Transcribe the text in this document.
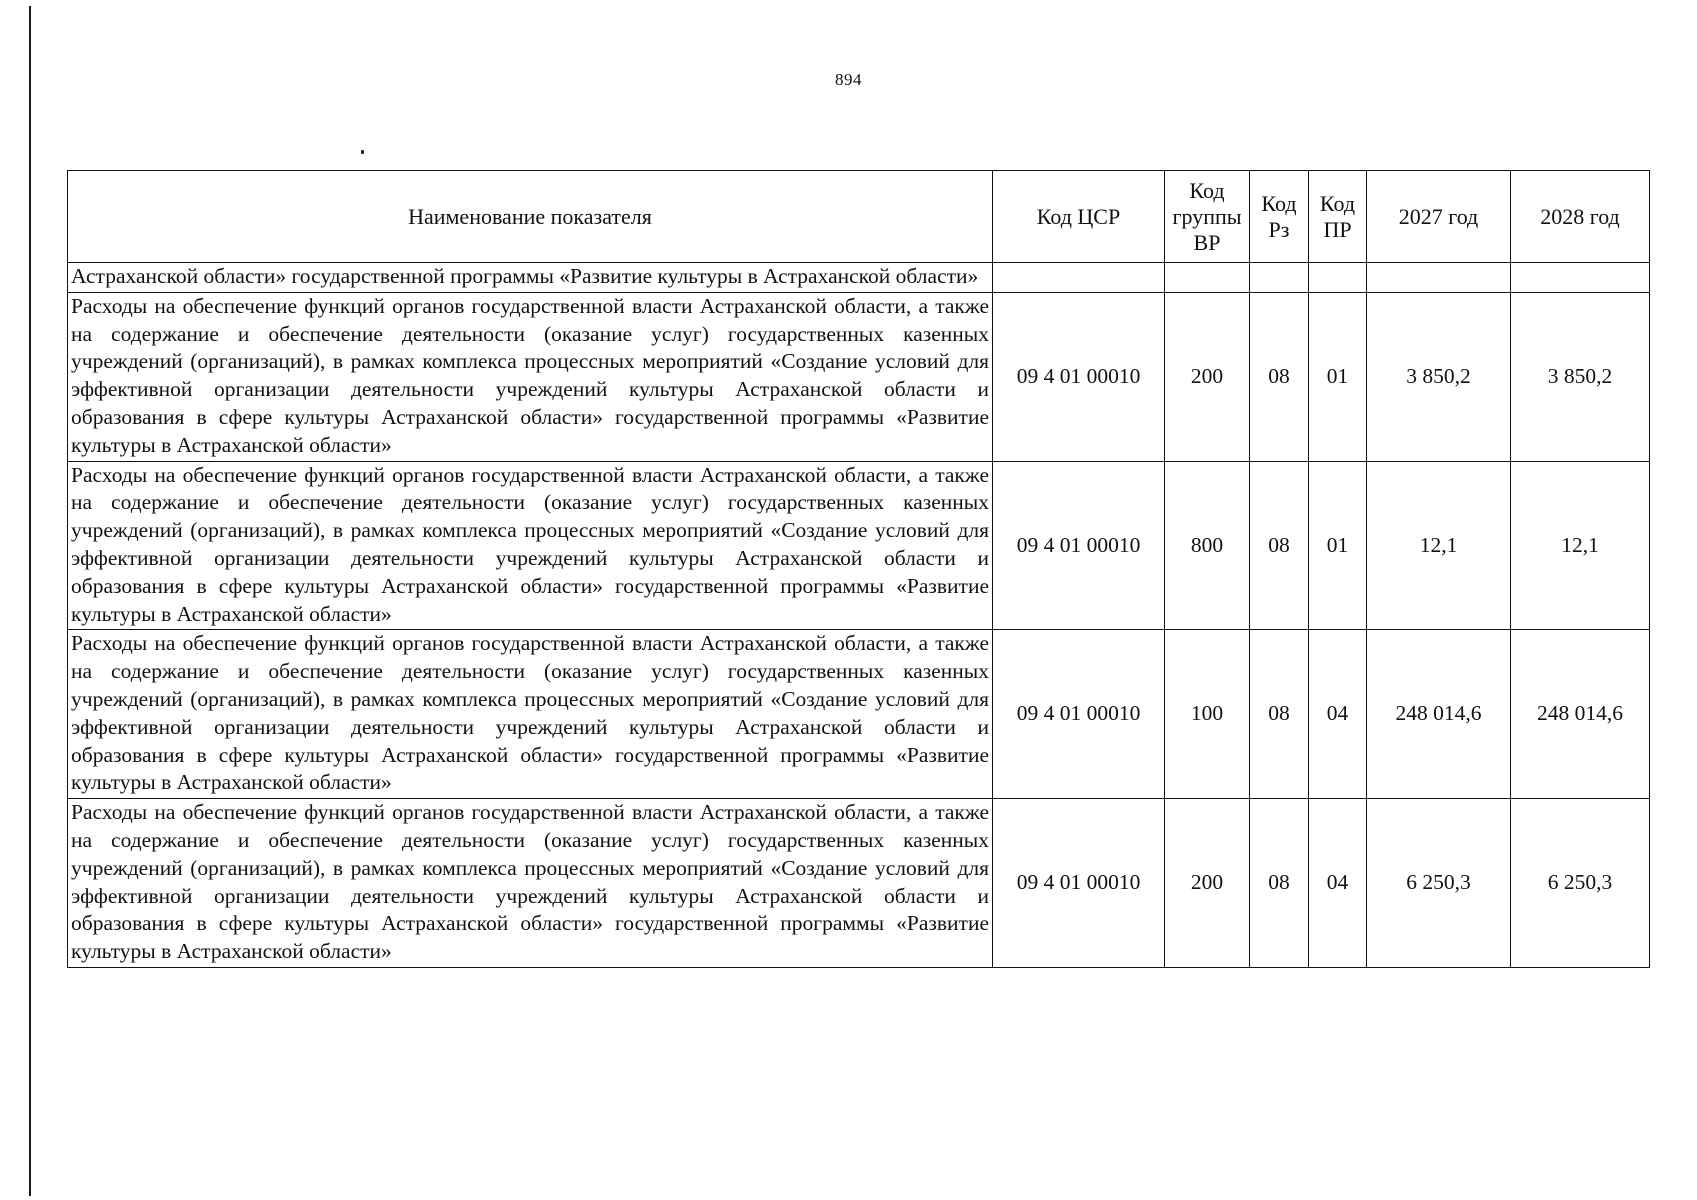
894
Наименование показателя	Код ЦСР	Код группы ВР	Код Рз	Код ПР	2027 год	2028 год
Астраханской области» государственной программы «Развитие культуры в Астраханской области»						
Расходы на обеспечение функций органов государственной власти Астраханской области, а также на содержание и обеспечение деятельности (оказание услуг) государственных казенных учреждений (организаций), в рамках комплекса процессных мероприятий «Создание условий для эффективной организации деятельности учреждений культуры Астраханской области и образования в сфере культуры Астраханской области» государственной программы «Развитие культуры в Астраханской области»	09 4 01 00010	200	08	01	3 850,2	3 850,2
Расходы на обеспечение функций органов государственной власти Астраханской области, а также на содержание и обеспечение деятельности (оказание услуг) государственных казенных учреждений (организаций), в рамках комплекса процессных мероприятий «Создание условий для эффективной организации деятельности учреждений культуры Астраханской области и образования в сфере культуры Астраханской области» государственной программы «Развитие культуры в Астраханской области»	09 4 01 00010	800	08	01	12,1	12,1
Расходы на обеспечение функций органов государственной власти Астраханской области, а также на содержание и обеспечение деятельности (оказание услуг) государственных казенных учреждений (организаций), в рамках комплекса процессных мероприятий «Создание условий для эффективной организации деятельности учреждений культуры Астраханской области и образования в сфере культуры Астраханской области» государственной программы «Развитие культуры в Астраханской области»	09 4 01 00010	100	08	04	248 014,6	248 014,6
Расходы на обеспечение функций органов государственной власти Астраханской области, а также на содержание и обеспечение деятельности (оказание услуг) государственных казенных учреждений (организаций), в рамках комплекса процессных мероприятий «Создание условий для эффективной организации деятельности учреждений культуры Астраханской области и образования в сфере культуры Астраханской области» государственной программы «Развитие культуры в Астраханской области»	09 4 01 00010	200	08	04	6 250,3	6 250,3
